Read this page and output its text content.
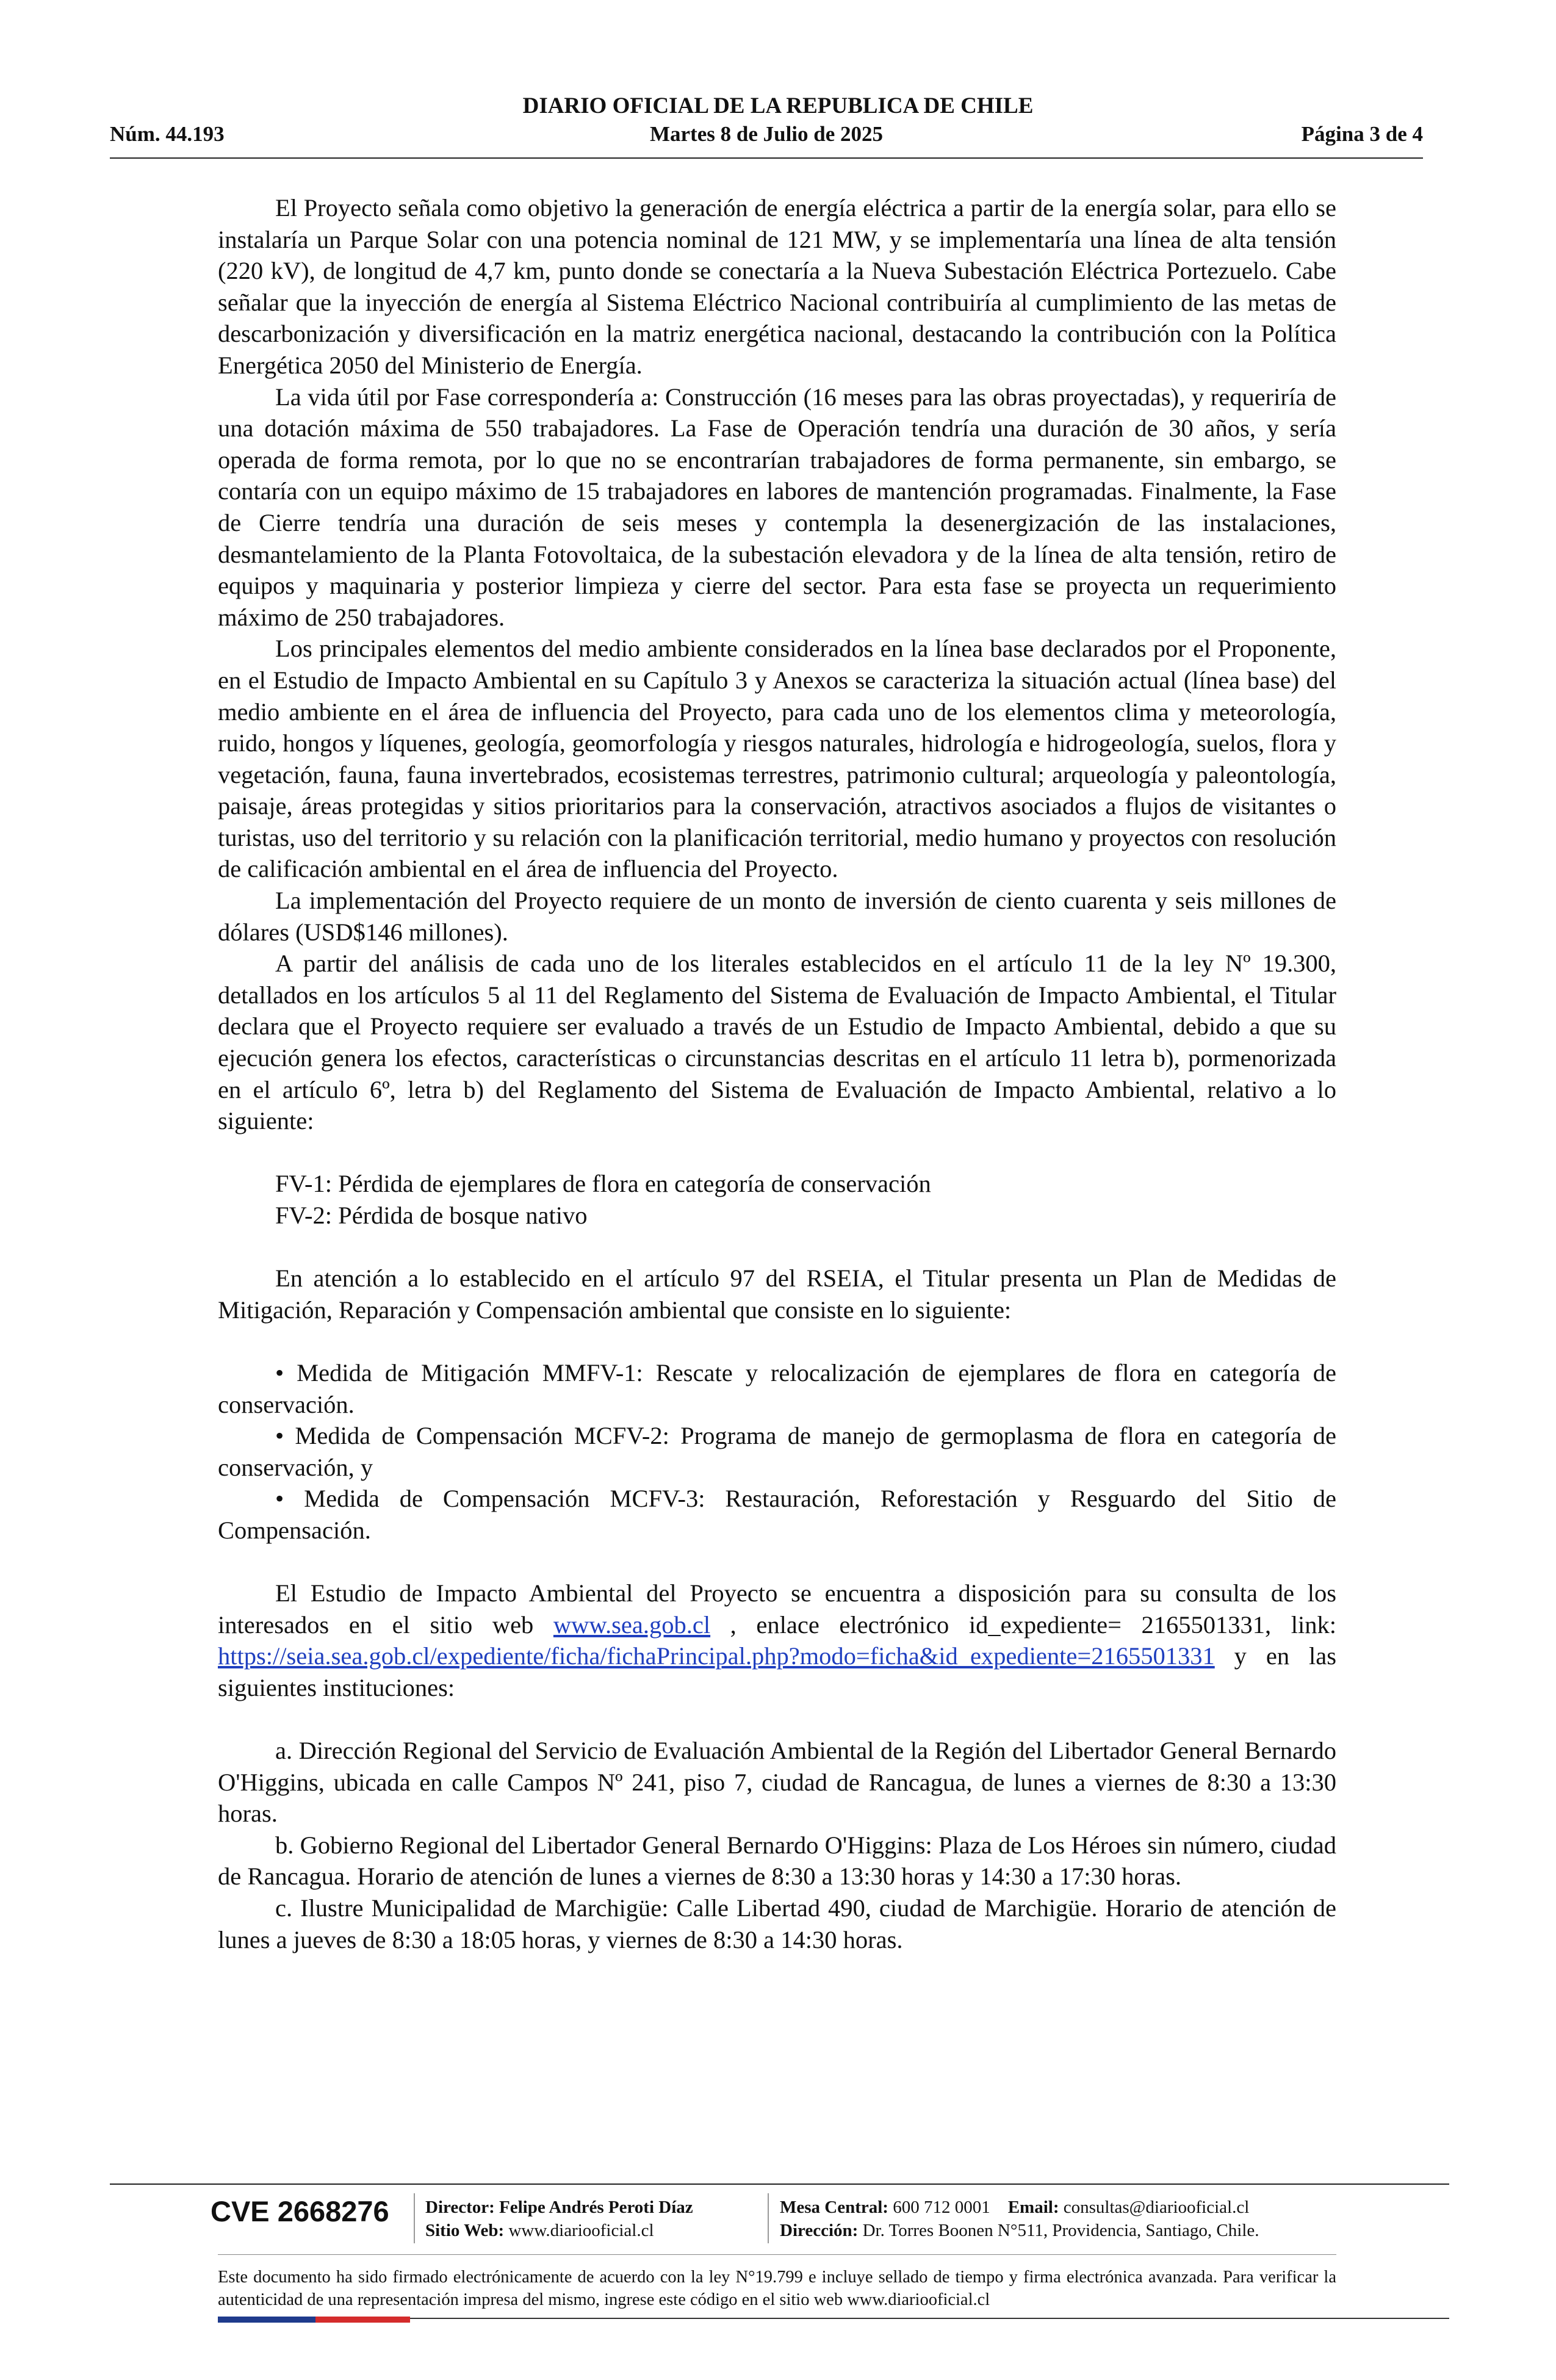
DIARIO OFICIAL DE LA REPUBLICA DE CHILE
Martes 8 de Julio de 2025
Núm. 44.193	Página 3 de 4

El Proyecto señala como objetivo la generación de energía eléctrica a partir de la energía solar, para ello se instalaría un Parque Solar con una potencia nominal de 121 MW, y se implementaría una línea de alta tensión (220 kV), de longitud de 4,7 km, punto donde se conectaría a la Nueva Subestación Eléctrica Portezuelo. Cabe señalar que la inyección de energía al Sistema Eléctrico Nacional contribuiría al cumplimiento de las metas de descarbonización y diversificación en la matriz energética nacional, destacando la contribución con la Política Energética 2050 del Ministerio de Energía.

La vida útil por Fase correspondería a: Construcción (16 meses para las obras proyectadas), y requeriría de una dotación máxima de 550 trabajadores. La Fase de Operación tendría una duración de 30 años, y sería operada de forma remota, por lo que no se encontrarían trabajadores de forma permanente, sin embargo, se contaría con un equipo máximo de 15 trabajadores en labores de mantención programadas. Finalmente, la Fase de Cierre tendría una duración de seis meses y contempla la desenergización de las instalaciones, desmantelamiento de la Planta Fotovoltaica, de la subestación elevadora y de la línea de alta tensión, retiro de equipos y maquinaria y posterior limpieza y cierre del sector. Para esta fase se proyecta un requerimiento máximo de 250 trabajadores.

Los principales elementos del medio ambiente considerados en la línea base declarados por el Proponente, en el Estudio de Impacto Ambiental en su Capítulo 3 y Anexos se caracteriza la situación actual (línea base) del medio ambiente en el área de influencia del Proyecto, para cada uno de los elementos clima y meteorología, ruido, hongos y líquenes, geología, geomorfología y riesgos naturales, hidrología e hidrogeología, suelos, flora y vegetación, fauna, fauna invertebrados, ecosistemas terrestres, patrimonio cultural; arqueología y paleontología, paisaje, áreas protegidas y sitios prioritarios para la conservación, atractivos asociados a flujos de visitantes o turistas, uso del territorio y su relación con la planificación territorial, medio humano y proyectos con resolución de calificación ambiental en el área de influencia del Proyecto.

La implementación del Proyecto requiere de un monto de inversión de ciento cuarenta y seis millones de dólares (USD$146 millones).

A partir del análisis de cada uno de los literales establecidos en el artículo 11 de la ley Nº 19.300, detallados en los artículos 5 al 11 del Reglamento del Sistema de Evaluación de Impacto Ambiental, el Titular declara que el Proyecto requiere ser evaluado a través de un Estudio de Impacto Ambiental, debido a que su ejecución genera los efectos, características o circunstancias descritas en el artículo 11 letra b), pormenorizada en el artículo 6º, letra b) del Reglamento del Sistema de Evaluación de Impacto Ambiental, relativo a lo siguiente:

FV-1: Pérdida de ejemplares de flora en categoría de conservación

FV-2: Pérdida de bosque nativo

En atención a lo establecido en el artículo 97 del RSEIA, el Titular presenta un Plan de Medidas de Mitigación, Reparación y Compensación ambiental que consiste en lo siguiente:

• Medida de Mitigación MMFV-1: Rescate y relocalización de ejemplares de flora en categoría de conservación.

• Medida de Compensación MCFV-2: Programa de manejo de germoplasma de flora en categoría de conservación, y

• Medida de Compensación MCFV-3: Restauración, Reforestación y Resguardo del Sitio de Compensación.

El Estudio de Impacto Ambiental del Proyecto se encuentra a disposición para su consulta de los interesados en el sitio web www.sea.gob.cl , enlace electrónico id_expediente= 2165501331, link: https://seia.sea.gob.cl/expediente/ficha/fichaPrincipal.php?modo=ficha&id_expediente=2165501331 y en las siguientes instituciones:

a. Dirección Regional del Servicio de Evaluación Ambiental de la Región del Libertador General Bernardo O'Higgins, ubicada en calle Campos Nº 241, piso 7, ciudad de Rancagua, de lunes a viernes de 8:30 a 13:30 horas.

b. Gobierno Regional del Libertador General Bernardo O'Higgins: Plaza de Los Héroes sin número, ciudad de Rancagua. Horario de atención de lunes a viernes de 8:30 a 13:30 horas y 14:30 a 17:30 horas.

c. Ilustre Municipalidad de Marchigüe: Calle Libertad 490, ciudad de Marchigüe. Horario de atención de lunes a jueves de 8:30 a 18:05 horas, y viernes de 8:30 a 14:30 horas.

CVE 2668276	Director: Felipe Andrés Peroti Díaz
Sitio Web: www.diariooficial.cl
Mesa Central: 600 712 0001 Email: consultas@diariooficial.cl
Dirección: Dr. Torres Boonen N°511, Providencia, Santiago, Chile.
Este documento ha sido firmado electrónicamente de acuerdo con la ley N°19.799 e incluye sellado de tiempo y firma electrónica avanzada. Para verificar la autenticidad de una representación impresa del mismo, ingrese este código en el sitio web www.diariooficial.cl
